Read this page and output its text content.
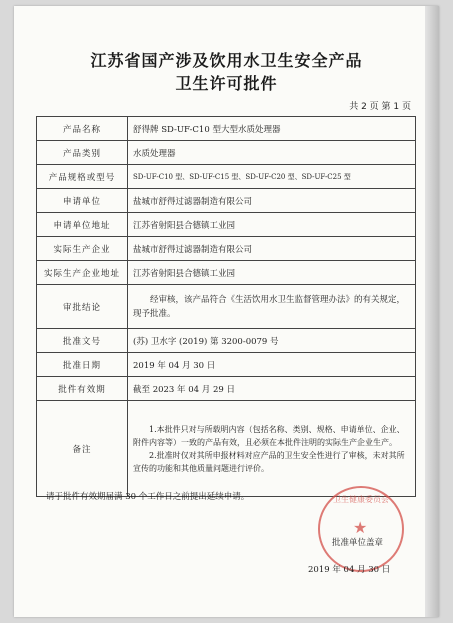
江苏省国产涉及饮用水卫生安全产品
卫生许可批件
共 2 页 第 1 页
产品名称	舒得牌 SD-UF-C10 型大型水质处理器
产品类别	水质处理器
产品规格或型号	SD-UF-C10 型、SD-UF-C15 型、SD-UF-C20 型、SD-UF-C25 型
申请单位	盐城市舒得过滤器制造有限公司
申请单位地址	江苏省射阳县合德镇工业园
实际生产企业	盐城市舒得过滤器制造有限公司
实际生产企业地址	江苏省射阳县合德镇工业园
审批结论	经审核，该产品符合《生活饮用水卫生监督管理办法》的有关规定，现予批准。
批准文号	(苏) 卫水字 (2019) 第 3200-0079 号
批准日期	2019 年 04 月 30 日
批件有效期	截至 2023 年 04 月 29 日
备注	1.本批件只对与所载明内容（包括名称、类别、规格、申请单位、企业、附件内容等）一致的产品有效，且必须在本批件注明的实际生产企业生产。

2.批准时仅对其所申报材料对应产品的卫生安全性进行了审核，未对其所宣传的功能和其他质量问题进行评价。

请于批件有效期届满 30 个工作日之前提出延续申请。	卫生健康委员会
★
批准单位盖章
2019 年 04 月 30 日
